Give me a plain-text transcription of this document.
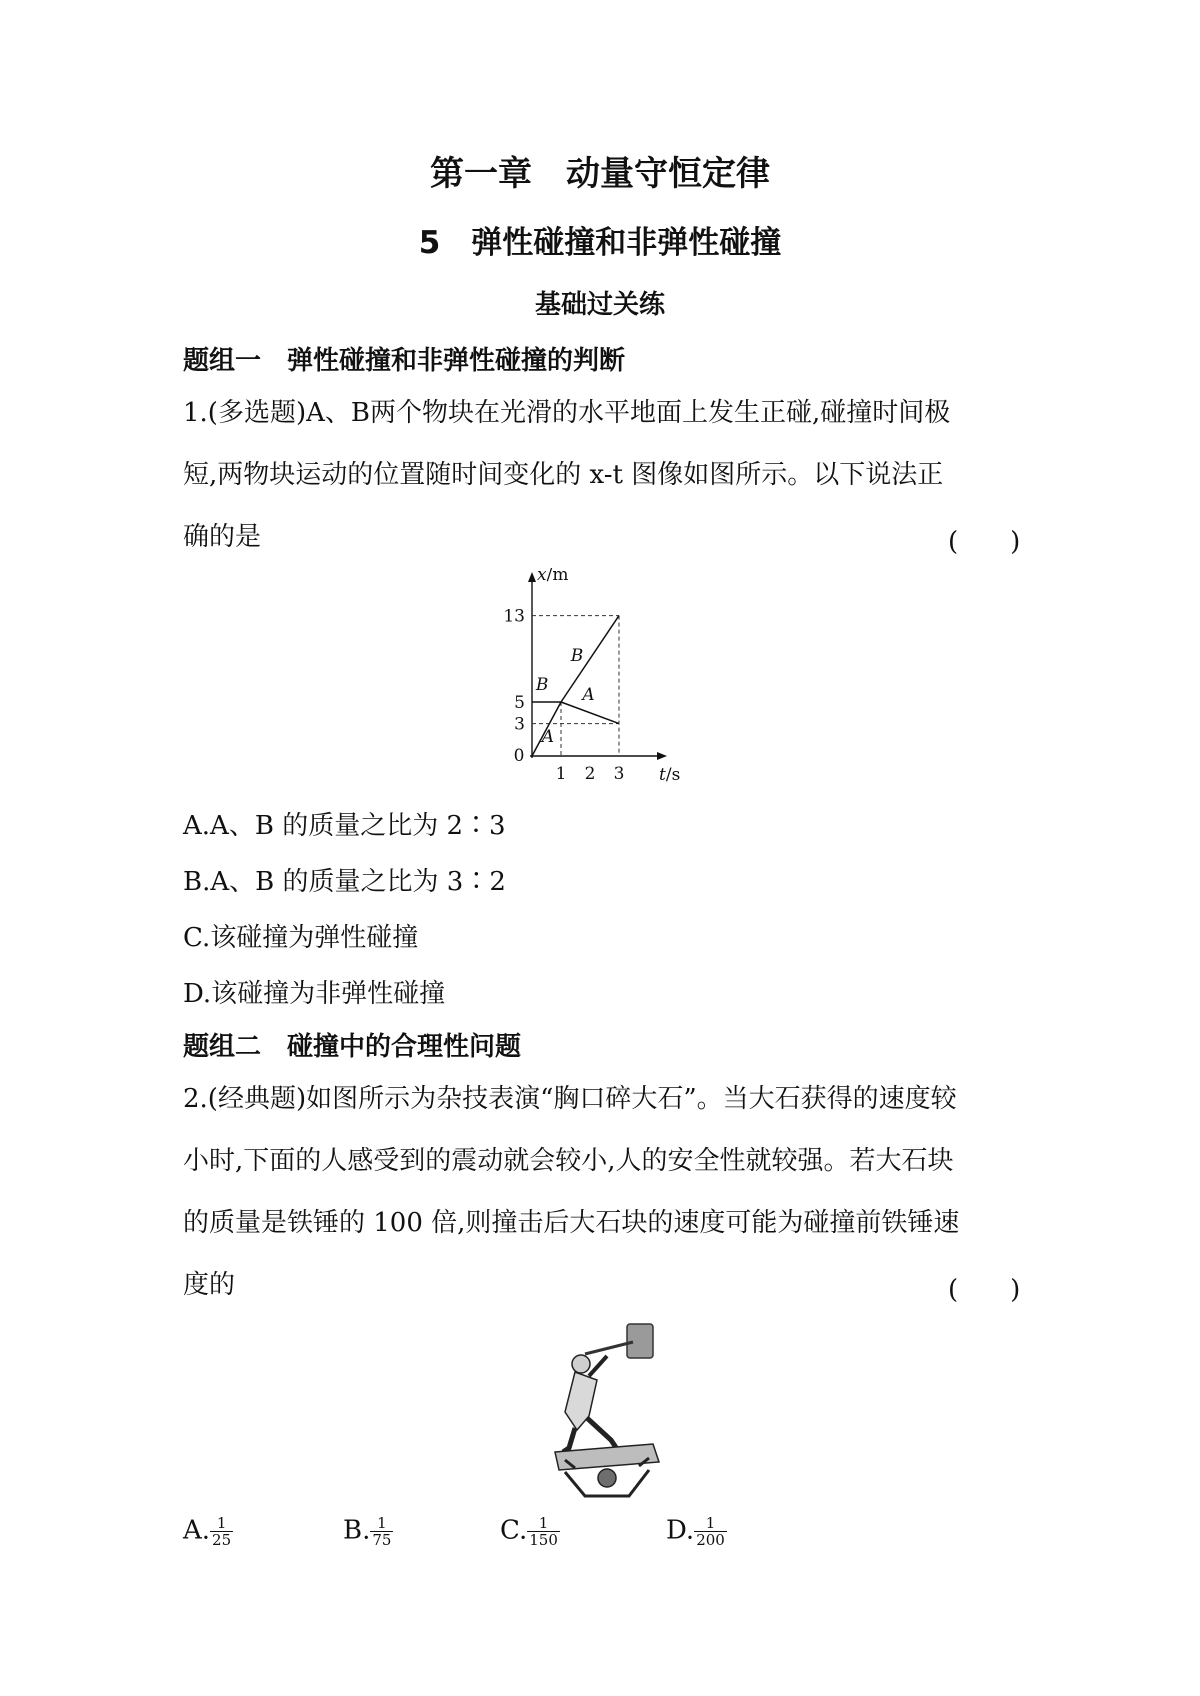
第一章　动量守恒定律
5　弹性碰撞和非弹性碰撞
基础过关练
题组一　弹性碰撞和非弹性碰撞的判断
1.(多选题)A、B两个物块在光滑的水平地面上发生正碰,碰撞时间极
短,两物块运动的位置随时间变化的 x-t 图像如图所示。以下说法正
确的是	(　　)
A
B A
B
0
1 2 3
3
5
13
x/m
t/s
A.A、B 的质量之比为 2∶3
B.A、B 的质量之比为 3∶2
C.该碰撞为弹性碰撞
D.该碰撞为非弹性碰撞
题组二　碰撞中的合理性问题
2.(经典题)如图所示为杂技表演“胸口碎大石”。当大石获得的速度较
小时,下面的人感受到的震动就会较小,人的安全性就较强。若大石块
的质量是铁锤的 100 倍,则撞击后大石块的速度可能为碰撞前铁锤速
度的	(　　)
A. $\frac{1}{25}$	B. $\frac{1}{75}$	C. $\frac{1}{150}$	D. $\frac{1}{200}$
